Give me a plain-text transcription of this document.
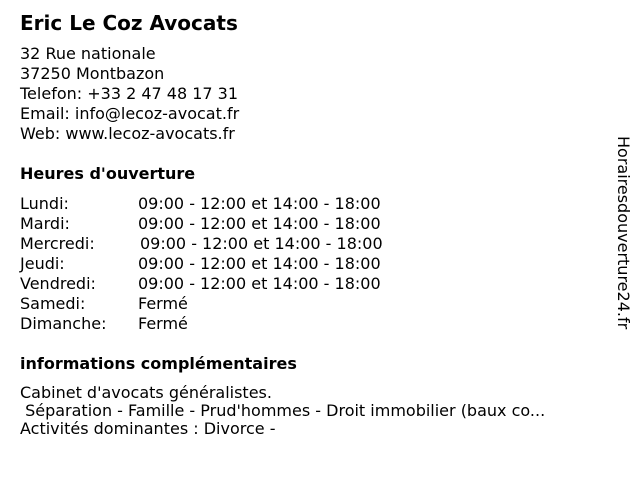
Eric Le Coz Avocats
32 Rue nationale
37250 Montbazon
Telefon: +33 2 47 48 17 31
Email: info@lecoz-avocat.fr
Web: www.lecoz-avocats.fr
Heures d'ouverture
Lundi:	09:00 - 12:00 et 14:00 - 18:00
Mardi:	09:00 - 12:00 et 14:00 - 18:00
Mercredi:	09:00 - 12:00 et 14:00 - 18:00
Jeudi:	09:00 - 12:00 et 14:00 - 18:00
Vendredi:	09:00 - 12:00 et 14:00 - 18:00
Samedi:	Fermé
Dimanche: Fermé
informations complémentaires
Cabinet d'avocats généralistes.
Séparation - Famille - Prud'hommes - Droit immobilier (baux co...
Activités dominantes : Divorce -
Horairesdouverture24.fr
